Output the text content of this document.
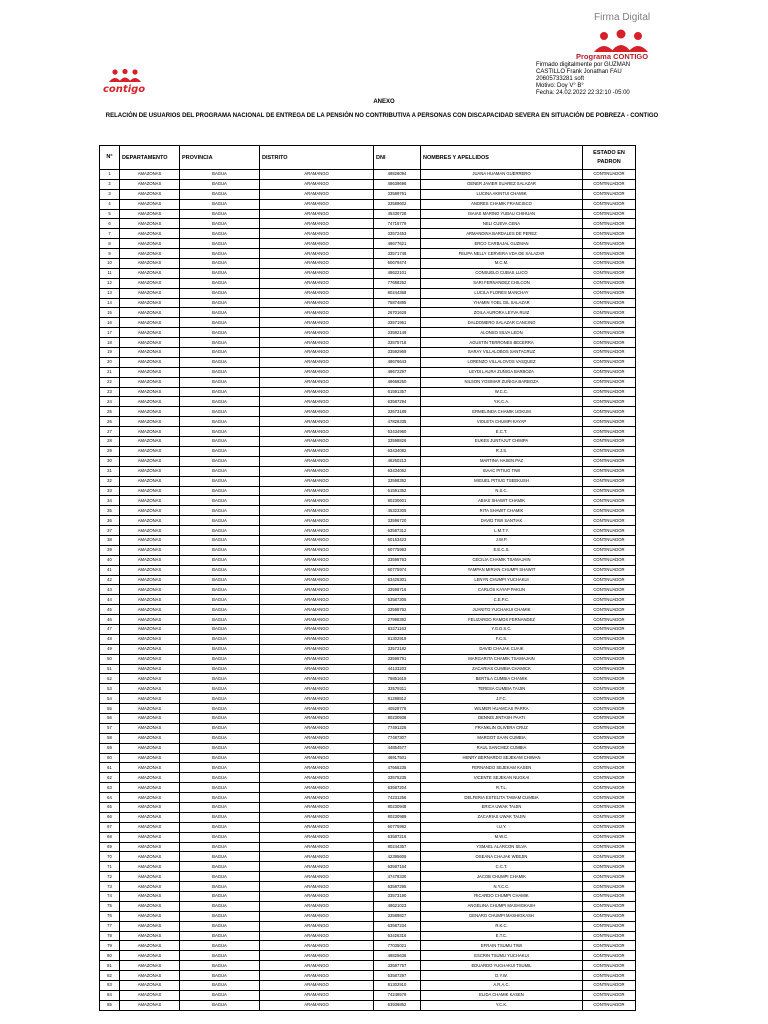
contigo
Firma Digital
Programa CONTIGO
Firmado digitalmente por GUZMAN
CASTILLO Frank Jonathan FAU
20605733281 soft
Motivo: Doy V° B°
Fecha: 24.02.2022 22:32:10 -05:00
ANEXO
RELACIÓN DE USUARIOS DEL PROGRAMA NACIONAL DE ENTREGA DE LA PENSIÓN NO CONTRIBUTIVA A PERSONAS CON DISCAPACIDAD SEVERA EN SITUACIÓN DE POBREZA - CONTIGO
N°	DEPARTAMENTO	PROVINCIA	DISTRITO	DNI	NOMBRES Y APELLIDOS	ESTADO EN PADRON
1	AMAZONAS	BAGUA	ARAMANGO	48826094	JUANA HUAMAN GUERRERO	CONTINUADOR
2	AMAZONAS	BAGUA	ARAMANGO	48639696	GENER JAVIER SUAREZ SALAZAR	CONTINUADOR
3	AMAZONAS	BAGUA	ARAMANGO	33589761	LUCINA AKINTUI CHAMIK	CONTINUADOR
4	AMAZONAS	BAGUA	ARAMANGO	33589602	ANDRES CHAMIK FRANCISCO	CONTINUADOR
5	AMAZONAS	BAGUA	ARAMANGO	45330728	ISAIAS MARINO YUBAU CHIHUAN	CONTINUADOR
6	AMAZONAS	BAGUA	ARAMANGO	74716779	NELI CUEVA CENA	CONTINUADOR
7	AMAZONAS	BAGUA	ARAMANGO	33572453	ARMANDINA BARDALES DE PEREZ	CONTINUADOR
8	AMAZONAS	BAGUA	ARAMANGO	48677621	ERCO CARBAJAL GUZMAN	CONTINUADOR
9	AMAZONAS	BAGUA	ARAMANGO	33571748	FELIPA NELLY CERVERA VDA DE SALAZAR	CONTINUADOR
10	AMAZONAS	BAGUA	ARAMANGO	60679474	M.C.M.	CONTINUADOR
11	AMAZONAS	BAGUA	ARAMANGO	48622101	CONSUELO CUBAS LLICO	CONTINUADOR
12	AMAZONAS	BAGUA	ARAMANGO	77688252	SARI FERNANDEZ CHILCON	CONTINUADOR
13	AMAZONAS	BAGUA	ARAMANGO	80244368	LUCILA FLORES MANCHAY	CONTINUADOR
14	AMAZONAS	BAGUA	ARAMANGO	75874895	YHAMIN YOEL GIL SALAZAR	CONTINUADOR
15	AMAZONAS	BAGUA	ARAMANGO	26701629	ZOILA AURORA LEYVA RUIZ	CONTINUADOR
16	AMAZONAS	BAGUA	ARAMANGO	33571961	DALDOMERO SALAZAR CANCINO	CONTINUADOR
17	AMAZONAS	BAGUA	ARAMANGO	33592149	ALONSO SILVA LEON	CONTINUADOR
18	AMAZONAS	BAGUA	ARAMANGO	33575718	AGUSTIN TERRONES BECERRA	CONTINUADOR
19	AMAZONAS	BAGUA	ARAMANGO	33592969	SARAY VILLALOBOS SANTACRUZ	CONTINUADOR
20	AMAZONAS	BAGUA	ARAMANGO	48676643	LORENZO VILLALOVOS VASQUEZ	CONTINUADOR
21	AMAZONAS	BAGUA	ARAMANGO	48672297	LEYDI LAURA ZUÑIGA BARBOZA	CONTINUADOR
22	AMAZONAS	BAGUA	ARAMANGO	48668250	NILSON YOSIMAR ZUÑIGA BARBOZA	CONTINUADOR
23	AMAZONAS	BAGUA	ARAMANGO	61591357	W.C.C.	CONTINUADOR
24	AMAZONAS	BAGUA	ARAMANGO	63587294	Y.K.C.A.	CONTINUADOR
25	AMAZONAS	BAGUA	ARAMANGO	33573189	ERMELINDA CHAMIK UGKUM	CONTINUADOR
26	AMAZONAS	BAGUA	ARAMANGO	47826335	VIOLETA CHUMPI KAYAP	CONTINUADOR
27	AMAZONAS	BAGUA	ARAMANGO	63434960	E.C.T.	CONTINUADOR
28	AMAZONAS	BAGUA	ARAMANGO	33598826	EUKES JUNTAJUT CHIMPA	CONTINUADOR
29	AMAZONAS	BAGUA	ARAMANGO	63434082	R.J.S.	CONTINUADOR
30	AMAZONAS	BAGUA	ARAMANGO	48260213	MARTINA HASEN PAZ	CONTINUADOR
31	AMAZONAS	BAGUA	ARAMANGO	63434062	ISAAC PITIUG TIWI	CONTINUADOR
32	AMAZONAS	BAGUA	ARAMANGO	33598352	MIGUEL PITIUG TSEEKUSH	CONTINUADOR
33	AMAZONAS	BAGUA	ARAMANGO	61591352	N.S.C.	CONTINUADOR
34	AMAZONAS	BAGUA	ARAMANGO	80230601	ABIAS SHAWIT CHAMIK	CONTINUADOR
35	AMAZONAS	BAGUA	ARAMANGO	45323305	RITA SHAWIT CHAMIK	CONTINUADOR
36	AMAZONAS	BAGUA	ARAMANGO	33596720	DAVID TIWI SANTIAK	CONTINUADOR
37	AMAZONAS	BAGUA	ARAMANGO	63587312	L.M.T.Y.	CONTINUADOR
38	AMAZONAS	BAGUA	ARAMANGO	60153423	J.W.P.	CONTINUADOR
39	AMAZONAS	BAGUA	ARAMANGO	60775983	E.E.C.S.	CONTINUADOR
40	AMAZONAS	BAGUA	ARAMANGO	33598763	CECILIA CHAMIK TSAMAJAIN	CONTINUADOR
41	AMAZONAS	BAGUA	ARAMANGO	60775974	YAMPAN MIRIAN CHUMPI SHAWIT	CONTINUADOR
42	AMAZONAS	BAGUA	ARAMANGO	63426301	LENYN CHUMPI YUCHAKUI	CONTINUADOR
43	AMAZONAS	BAGUA	ARAMANGO	33598716	CARLOS KAYAP PAKUN	CONTINUADOR
44	AMAZONAS	BAGUA	ARAMANGO	63587305	C.E.P.C.	CONTINUADOR
45	AMAZONAS	BAGUA	ARAMANGO	33598762	JUANITO YUCHAKUI CHAMIK	CONTINUADOR
46	AMAZONAS	BAGUA	ARAMANGO	27998392	FELIZARDO RAMOS FERNANDEZ	CONTINUADOR
47	AMAZONAS	BAGUA	ARAMANGO	63271163	Y.G.D.S.C.	CONTINUADOR
48	AMAZONAS	BAGUA	ARAMANGO	81302919	F.C.S.	CONTINUADOR
49	AMAZONAS	BAGUA	ARAMANGO	33573182	DAVID CHAJAK CUAIK	CONTINUADOR
50	AMAZONAS	BAGUA	ARAMANGO	33598791	MARGARITA CHAMIK TSAMAJAIN	CONTINUADOR
51	AMAZONAS	BAGUA	ARAMANGO	44133203	ZACARIAS CUMBIA CHAMICK	CONTINUADOR
52	AMAZONAS	BAGUA	ARAMANGO	76851619	BERTILA CUMBIA CHAMIK	CONTINUADOR
53	AMAZONAS	BAGUA	ARAMANGO	33579311	TERESA CUMBIA TAIJIN	CONTINUADOR
54	AMAZONAS	BAGUA	ARAMANGO	81288812	J.F.C.	CONTINUADOR
55	AMAZONAS	BAGUA	ARAMANGO	40528776	WILMER HUAMCAS PARRA	CONTINUADOR
56	AMAZONAS	BAGUA	ARAMANGO	80230936	DENNIS JINTASH PAATI	CONTINUADOR
57	AMAZONAS	BAGUA	ARAMANGO	77491226	FRANKLIN OLIVERA CRUZ	CONTINUADOR
58	AMAZONAS	BAGUA	ARAMANGO	77487307	MARGOT SAAN CUMBIA	CONTINUADOR
59	AMAZONAS	BAGUA	ARAMANGO	44854577	RAUL SANCHEZ CUMBIA	CONTINUADOR
60	AMAZONAS	BAGUA	ARAMANGO	46917501	HENRY BERNARDO SEJEKAM CHIWAN	CONTINUADOR
61	AMAZONAS	BAGUA	ARAMANGO	47665235	FERNANDO SEJEKAM KASEN	CONTINUADOR
62	AMAZONAS	BAGUA	ARAMANGO	33575235	VICENTE SEJEKAN NUGKAI	CONTINUADOR
63	AMAZONAS	BAGUA	ARAMANGO	63587204	R.T.L.	CONTINUADOR
64	AMAZONAS	BAGUA	ARAMANGO	74231256	DELFERIA ESTELITA TAWAM CUMBIA	CONTINUADOR
65	AMAZONAS	BAGUA	ARAMANGO	80230948	ERICA UWAK TAIJIN	CONTINUADOR
66	AMAZONAS	BAGUA	ARAMANGO	80230989	ZACARIAS UWAK TAIJIN	CONTINUADOR
67	AMAZONAS	BAGUA	ARAMANGO	60775992	I.U.Y.	CONTINUADOR
68	AMAZONAS	BAGUA	ARAMANGO	63587216	M.W.C.	CONTINUADOR
69	AMAZONAS	BAGUA	ARAMANGO	80244357	YSMAEL ALARCON SILVA	CONTINUADOR
70	AMAZONAS	BAGUA	ARAMANGO	42395606	OSEANA CHAJAK WEEJIN	CONTINUADOR
71	AMAZONAS	BAGUA	ARAMANGO	63587164	C.C.T.	CONTINUADOR
72	AMAZONAS	BAGUA	ARAMANGO	47478330	JACOB CHUMPI CHAMIK	CONTINUADOR
73	AMAZONAS	BAGUA	ARAMANGO	63587295	N.Y.C.C.	CONTINUADOR
74	AMAZONAS	BAGUA	ARAMANGO	33573190	RICARDO CHUMPI CHAMIK	CONTINUADOR
75	AMAZONAS	BAGUA	ARAMANGO	48621023	ANGELINA CHUMPI MASHIGKASH	CONTINUADOR
76	AMAZONAS	BAGUA	ARAMANGO	33589827	GENARO CHUMPI MASHIGKASH	CONTINUADOR
77	AMAZONAS	BAGUA	ARAMANGO	63587234	R.K.C.	CONTINUADOR
78	AMAZONAS	BAGUA	ARAMANGO	63426316	E.T.C.	CONTINUADOR
79	AMAZONAS	BAGUA	ARAMANGO	77035021	EFRAIN TSUMU TIWI	CONTINUADOR
80	AMAZONAS	BAGUA	ARAMANGO	48825636	ESCRIN TSUMU YUCHAKUI	CONTINUADOR
81	AMAZONAS	BAGUA	ARAMANGO	33597757	EDUARDO YUCHAKUI TSUMIL	CONTINUADOR
82	AMAZONAS	BAGUA	ARAMANGO	63587297	D.Y.W.	CONTINUADOR
83	AMAZONAS	BAGUA	ARAMANGO	81302910	A.R.A.C.	CONTINUADOR
84	AMAZONAS	BAGUA	ARAMANGO	74248579	ELIDA CHAMIK KASEN	CONTINUADOR
85	AMAZONAS	BAGUA	ARAMANGO	63936852	Y.C.K.	CONTINUADOR
